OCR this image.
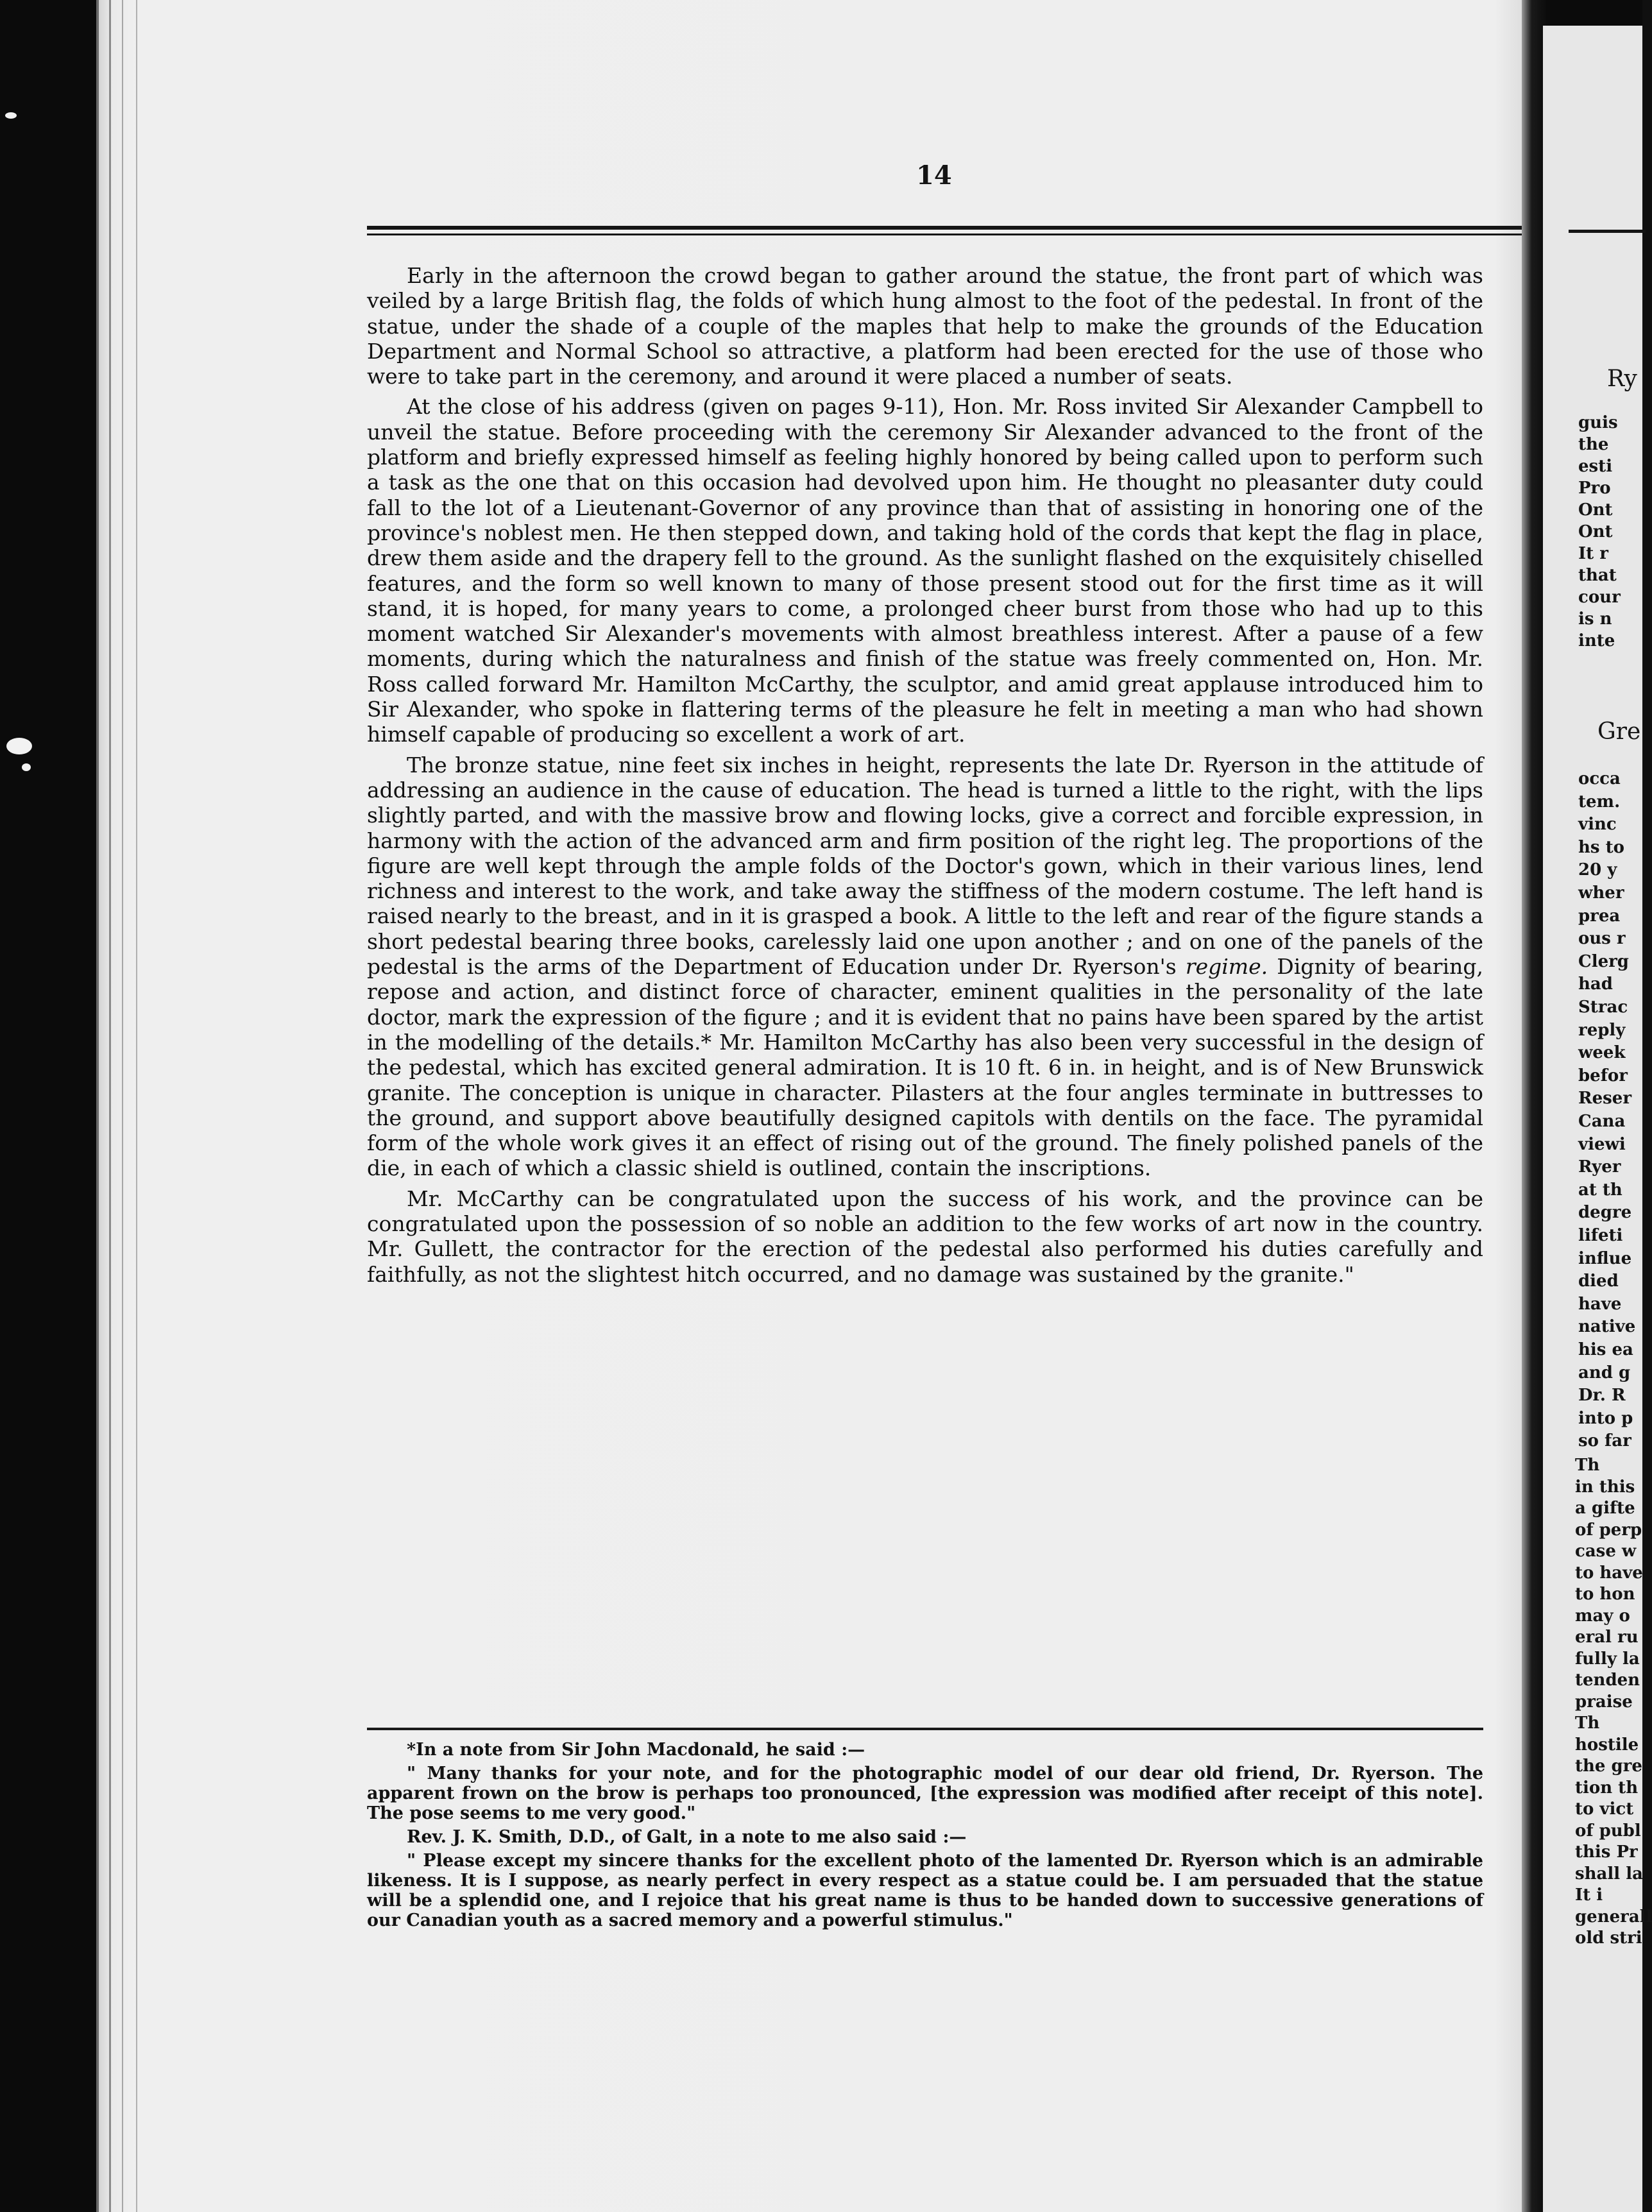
14

Early in the afternoon the crowd began to gather around the statue, the front part of which was veiled by a large British flag, the folds of which hung almost to the foot of the pedestal. In front of the statue, under the shade of a couple of the maples that help to make the grounds of the Education Department and Normal School so attractive, a platform had been erected for the use of those who were to take part in the ceremony, and around it were placed a number of seats.

At the close of his address (given on pages 9-11), Hon. Mr. Ross invited Sir Alexander Campbell to unveil the statue. Before proceeding with the ceremony Sir Alexander advanced to the front of the platform and briefly expressed himself as feeling highly honored by being called upon to perform such a task as the one that on this occasion had devolved upon him. He thought no pleasanter duty could fall to the lot of a Lieutenant-Governor of any province than that of assisting in honoring one of the province's noblest men. He then stepped down, and taking hold of the cords that kept the flag in place, drew them aside and the drapery fell to the ground. As the sunlight flashed on the exquisitely chiselled features, and the form so well known to many of those present stood out for the first time as it will stand, it is hoped, for many years to come, a prolonged cheer burst from those who had up to this moment watched Sir Alexander's movements with almost breathless interest. After a pause of a few moments, during which the naturalness and finish of the statue was freely commented on, Hon. Mr. Ross called forward Mr. Hamilton McCarthy, the sculptor, and amid great applause introduced him to Sir Alexander, who spoke in flattering terms of the pleasure he felt in meeting a man who had shown himself capable of producing so excellent a work of art.

The bronze statue, nine feet six inches in height, represents the late Dr. Ryerson in the attitude of addressing an audience in the cause of education. The head is turned a little to the right, with the lips slightly parted, and with the massive brow and flowing locks, give a correct and forcible expression, in harmony with the action of the advanced arm and firm position of the right leg. The proportions of the figure are well kept through the ample folds of the Doctor's gown, which in their various lines, lend richness and interest to the work, and take away the stiffness of the modern costume. The left hand is raised nearly to the breast, and in it is grasped a book. A little to the left and rear of the figure stands a short pedestal bearing three books, carelessly laid one upon another ; and on one of the panels of the pedestal is the arms of the Department of Education under Dr. Ryerson's regime. Dignity of bearing, repose and action, and distinct force of character, eminent qualities in the personality of the late doctor, mark the expression of the figure ; and it is evident that no pains have been spared by the artist in the modelling of the details.* Mr. Hamilton McCarthy has also been very successful in the design of the pedestal, which has excited general admiration. It is 10 ft. 6 in. in height, and is of New Brunswick granite. The conception is unique in character. Pilasters at the four angles terminate in buttresses to the ground, and support above beautifully designed capitols with dentils on the face. The pyramidal form of the whole work gives it an effect of rising out of the ground. The finely polished panels of the die, in each of which a classic shield is outlined, contain the inscriptions.

Mr. McCarthy can be congratulated upon the success of his work, and the province can be congratulated upon the possession of so noble an addition to the few works of art now in the country. Mr. Gullett, the contractor for the erection of the pedestal also performed his duties carefully and faithfully, as not the slightest hitch occurred, and no damage was sustained by the granite."

*In a note from Sir John Macdonald, he said :—

" Many thanks for your note, and for the photographic model of our dear old friend, Dr. Ryerson. The apparent frown on the brow is perhaps too pronounced, [the expression was modified after receipt of this note]. The pose seems to me very good."

Rev. J. K. Smith, D.D., of Galt, in a note to me also said :—

" Please except my sincere thanks for the excellent photo of the lamented Dr. Ryerson which is an admirable likeness. It is I suppose, as nearly perfect in every respect as a statue could be. I am persuaded that the statue will be a splendid one, and I rejoice that his great name is thus to be handed down to successive generations of our Canadian youth as a sacred memory and a powerful stimulus."

Ry
guis
the
esti
Pro
Ont
Ont
It r
that
cour
is n
inte
Gre
occa
tem.
vinc
hs to
20 y
wher
prea
ous r
Clerg
had
Strac
reply
week
befor
Reser
Cana
viewi
Ryer
at th
degre
lifeti
influe
died
have
native
his ea
and g
Dr. R
into p
so far
Th
in this
a gifte
of perp
case w
to have
to hon
may o
eral ru
fully la
tenden
praise
Th
hostile
the gre
tion th
to vict
of publ
this Pr
shall la
It i
generall
old stri
